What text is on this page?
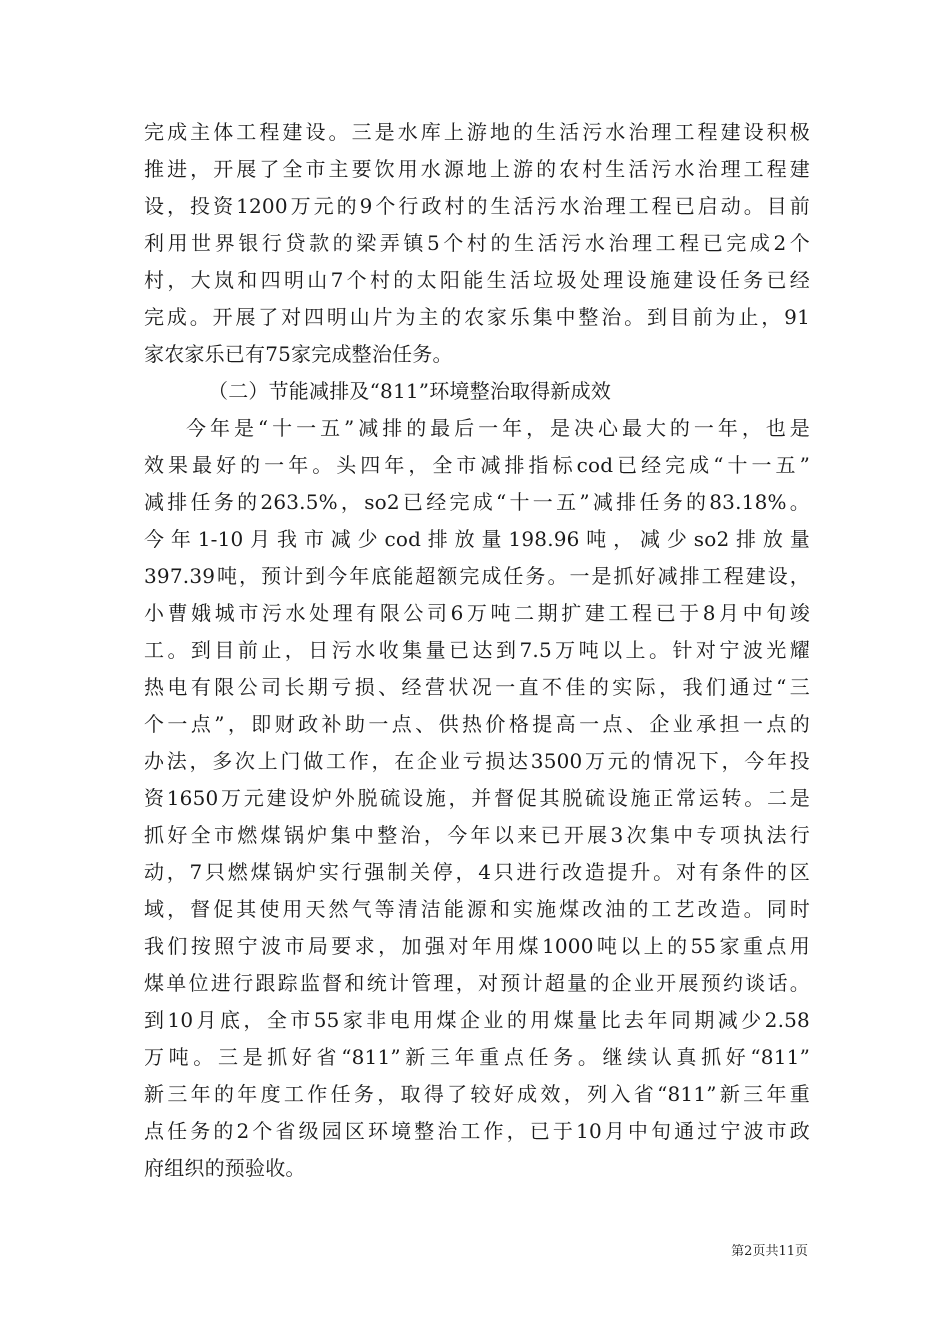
完成主体工程建设。三是水库上游地的生活污水治理工程建设积极
推进，开展了全市主要饮用水源地上游的农村生活污水治理工程建
设，投资1200万元的9个行政村的生活污水治理工程已启动。目前
利用世界银行贷款的梁弄镇5个村的生活污水治理工程已完成2个
村，大岚和四明山7个村的太阳能生活垃圾处理设施建设任务已经
完成。开展了对四明山片为主的农家乐集中整治。到目前为止，91
家农家乐已有75家完成整治任务。
（二）节能减排及“811”环境整治取得新成效
今年是“十一五”减排的最后一年，是决心最大的一年，也是
效果最好的一年。头四年，全市减排指标cod已经完成“十一五”
减排任务的263.5%，so2已经完成“十一五”减排任务的83.18%。
今年1-10月我市减少cod排放量198.96吨，减少so2排放量
397.39吨，预计到今年底能超额完成任务。一是抓好减排工程建设，
小曹娥城市污水处理有限公司6万吨二期扩建工程已于8月中旬竣
工。到目前止，日污水收集量已达到7.5万吨以上。针对宁波光耀
热电有限公司长期亏损、经营状况一直不佳的实际，我们通过“三
个一点”，即财政补助一点、供热价格提高一点、企业承担一点的
办法，多次上门做工作，在企业亏损达3500万元的情况下，今年投
资1650万元建设炉外脱硫设施，并督促其脱硫设施正常运转。二是
抓好全市燃煤锅炉集中整治，今年以来已开展3次集中专项执法行
动，7只燃煤锅炉实行强制关停，4只进行改造提升。对有条件的区
域，督促其使用天然气等清洁能源和实施煤改油的工艺改造。同时
我们按照宁波市局要求，加强对年用煤1000吨以上的55家重点用
煤单位进行跟踪监督和统计管理，对预计超量的企业开展预约谈话。
到10月底，全市55家非电用煤企业的用煤量比去年同期减少2.58
万吨。三是抓好省“811”新三年重点任务。继续认真抓好“811”
新三年的年度工作任务，取得了较好成效，列入省“811”新三年重
点任务的2个省级园区环境整治工作，已于10月中旬通过宁波市政
府组织的预验收。
第2页共11页
